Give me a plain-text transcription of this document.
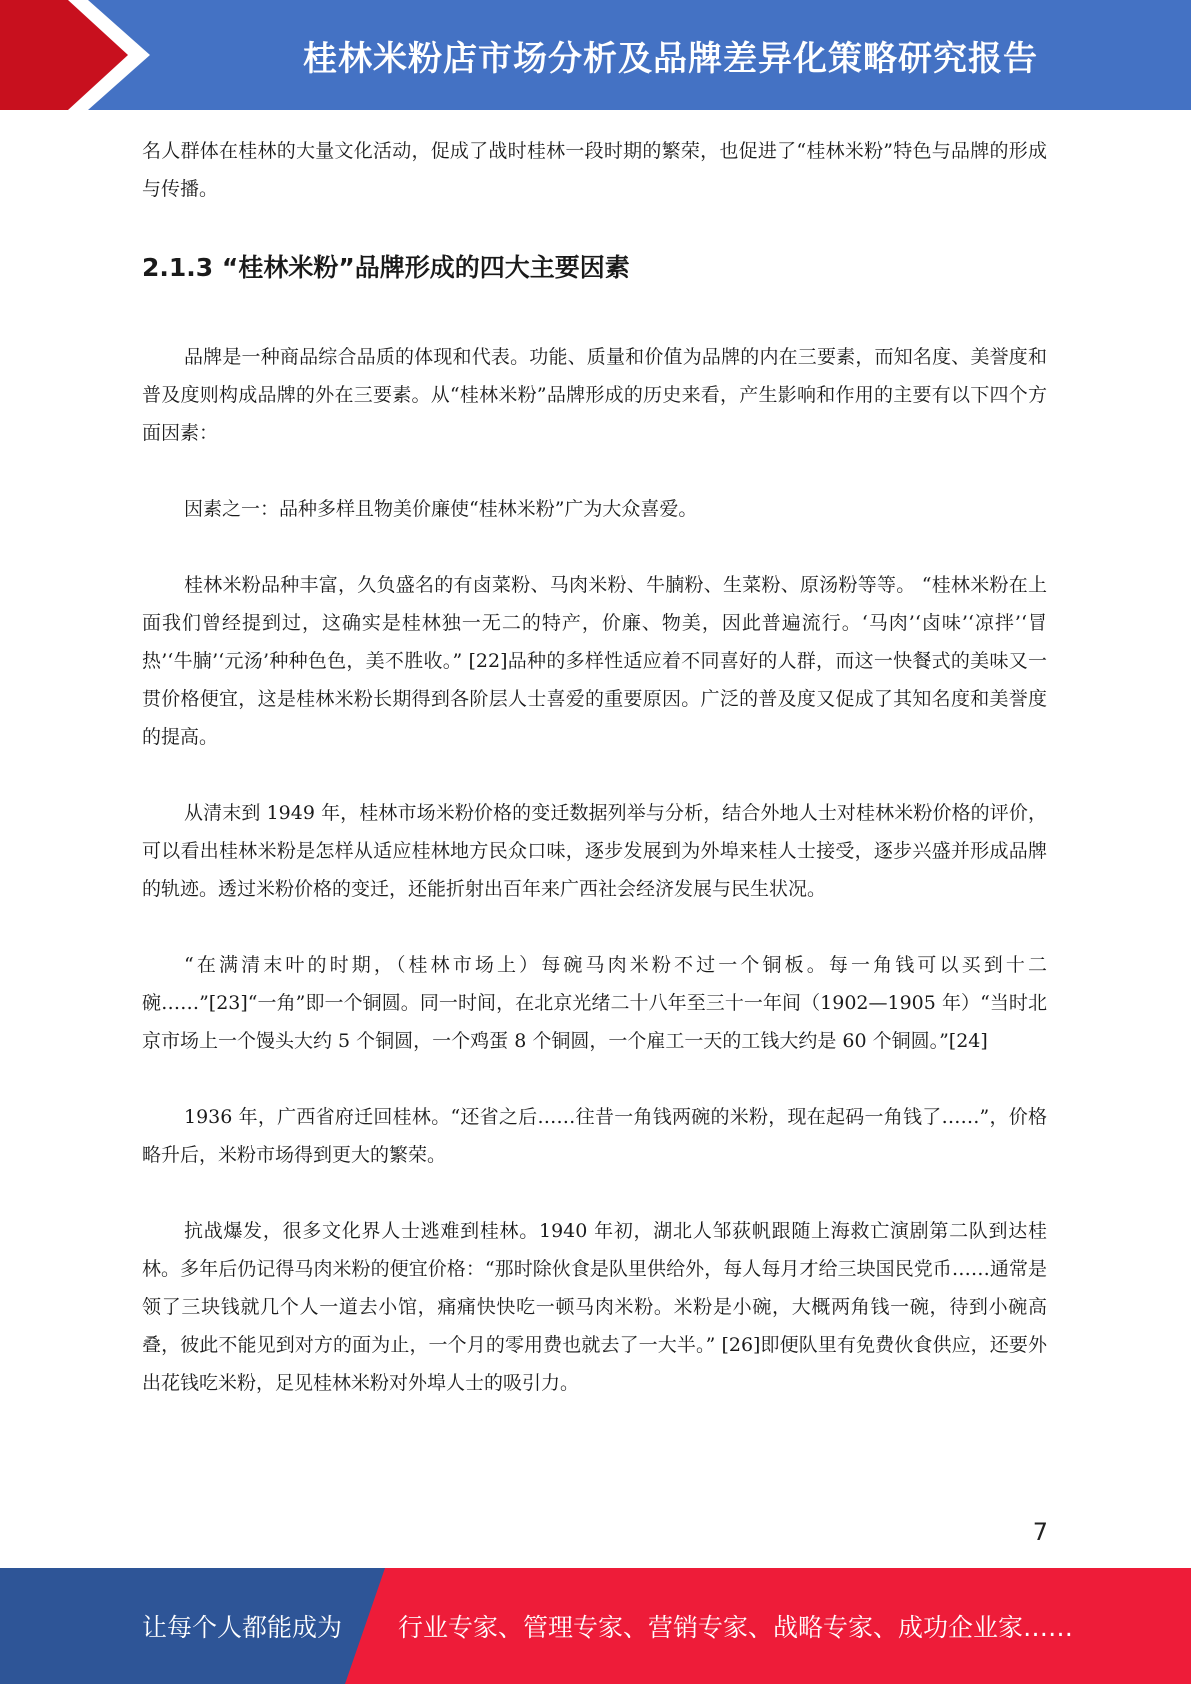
桂林米粉店市场分析及品牌差异化策略研究报告

名人群体在桂林的大量文化活动，促成了战时桂林一段时期的繁荣，也促进了“桂林米粉”特色与品牌的形成与传播。

2.1.3 “桂林米粉”品牌形成的四大主要因素

品牌是一种商品综合品质的体现和代表。功能、质量和价值为品牌的内在三要素，而知名度、美誉度和普及度则构成品牌的外在三要素。从“桂林米粉”品牌形成的历史来看，产生影响和作用的主要有以下四个方面因素：

因素之一：品种多样且物美价廉使“桂林米粉”广为大众喜爱。

桂林米粉品种丰富，久负盛名的有卤菜粉、马肉米粉、牛腩粉、生菜粉、原汤粉等等。 “桂林米粉在上面我们曾经提到过，这确实是桂林独一无二的特产，价廉、物美，因此普遍流行。‘马肉’‘卤味’‘凉拌’‘冒热’‘牛腩’‘元汤’种种色色，美不胜收。” [22]品种的多样性适应着不同喜好的人群，而这一快餐式的美味又一贯价格便宜，这是桂林米粉长期得到各阶层人士喜爱的重要原因。广泛的普及度又促成了其知名度和美誉度的提高。

从清末到 1949 年，桂林市场米粉价格的变迁数据列举与分析，结合外地人士对桂林米粉价格的评价，可以看出桂林米粉是怎样从适应桂林地方民众口味，逐步发展到为外埠来桂人士接受，逐步兴盛并形成品牌的轨迹。透过米粉价格的变迁，还能折射出百年来广西社会经济发展与民生状况。

“在满清末叶的时期，（桂林市场上）每碗马肉米粉不过一个铜板。每一角钱可以买到十二碗……”[23]“一角”即一个铜圆。同一时间，在北京光绪二十八年至三十一年间（1902—1905 年）“当时北京市场上一个馒头大约 5 个铜圆，一个鸡蛋 8 个铜圆，一个雇工一天的工钱大约是 60 个铜圆。”[24]

1936 年，广西省府迁回桂林。“还省之后……往昔一角钱两碗的米粉，现在起码一角钱了……”，价格略升后，米粉市场得到更大的繁荣。

抗战爆发，很多文化界人士逃难到桂林。1940 年初，湖北人邹荻帆跟随上海救亡演剧第二队到达桂林。多年后仍记得马肉米粉的便宜价格：“那时除伙食是队里供给外，每人每月才给三块国民党币……通常是领了三块钱就几个人一道去小馆，痛痛快快吃一顿马肉米粉。米粉是小碗，大概两角钱一碗，待到小碗高叠，彼此不能见到对方的面为止，一个月的零用费也就去了一大半。” [26]即便队里有免费伙食供应，还要外出花钱吃米粉，足见桂林米粉对外埠人士的吸引力。

7
让每个人都能成为 行业专家、管理专家、营销专家、战略专家、成功企业家……
